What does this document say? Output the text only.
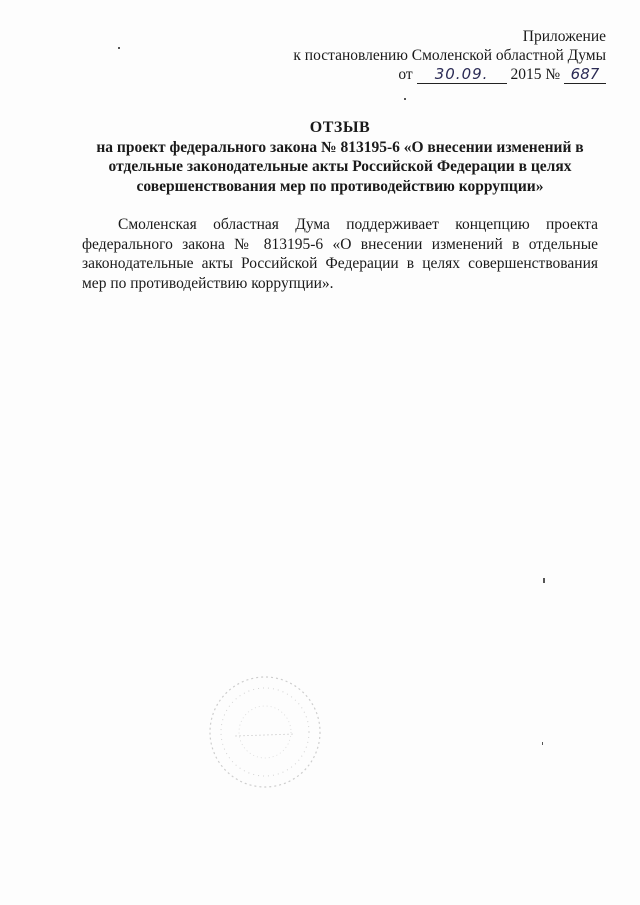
Приложение
к постановлению Смоленской областной Думы
от 30.09. 2015 № 687
ОТЗЫВ
на проект федерального закона № 813195-6 «О внесении изменений в отдельные законодательные акты Российской Федерации в целях совершенствования мер по противодействию коррупции»
Смоленская областная Дума поддерживает концепцию проекта федерального закона № 813195-6 «О внесении изменений в отдельные законодательные акты Российской Федерации в целях совершенствования мер по противодействию коррупции».
